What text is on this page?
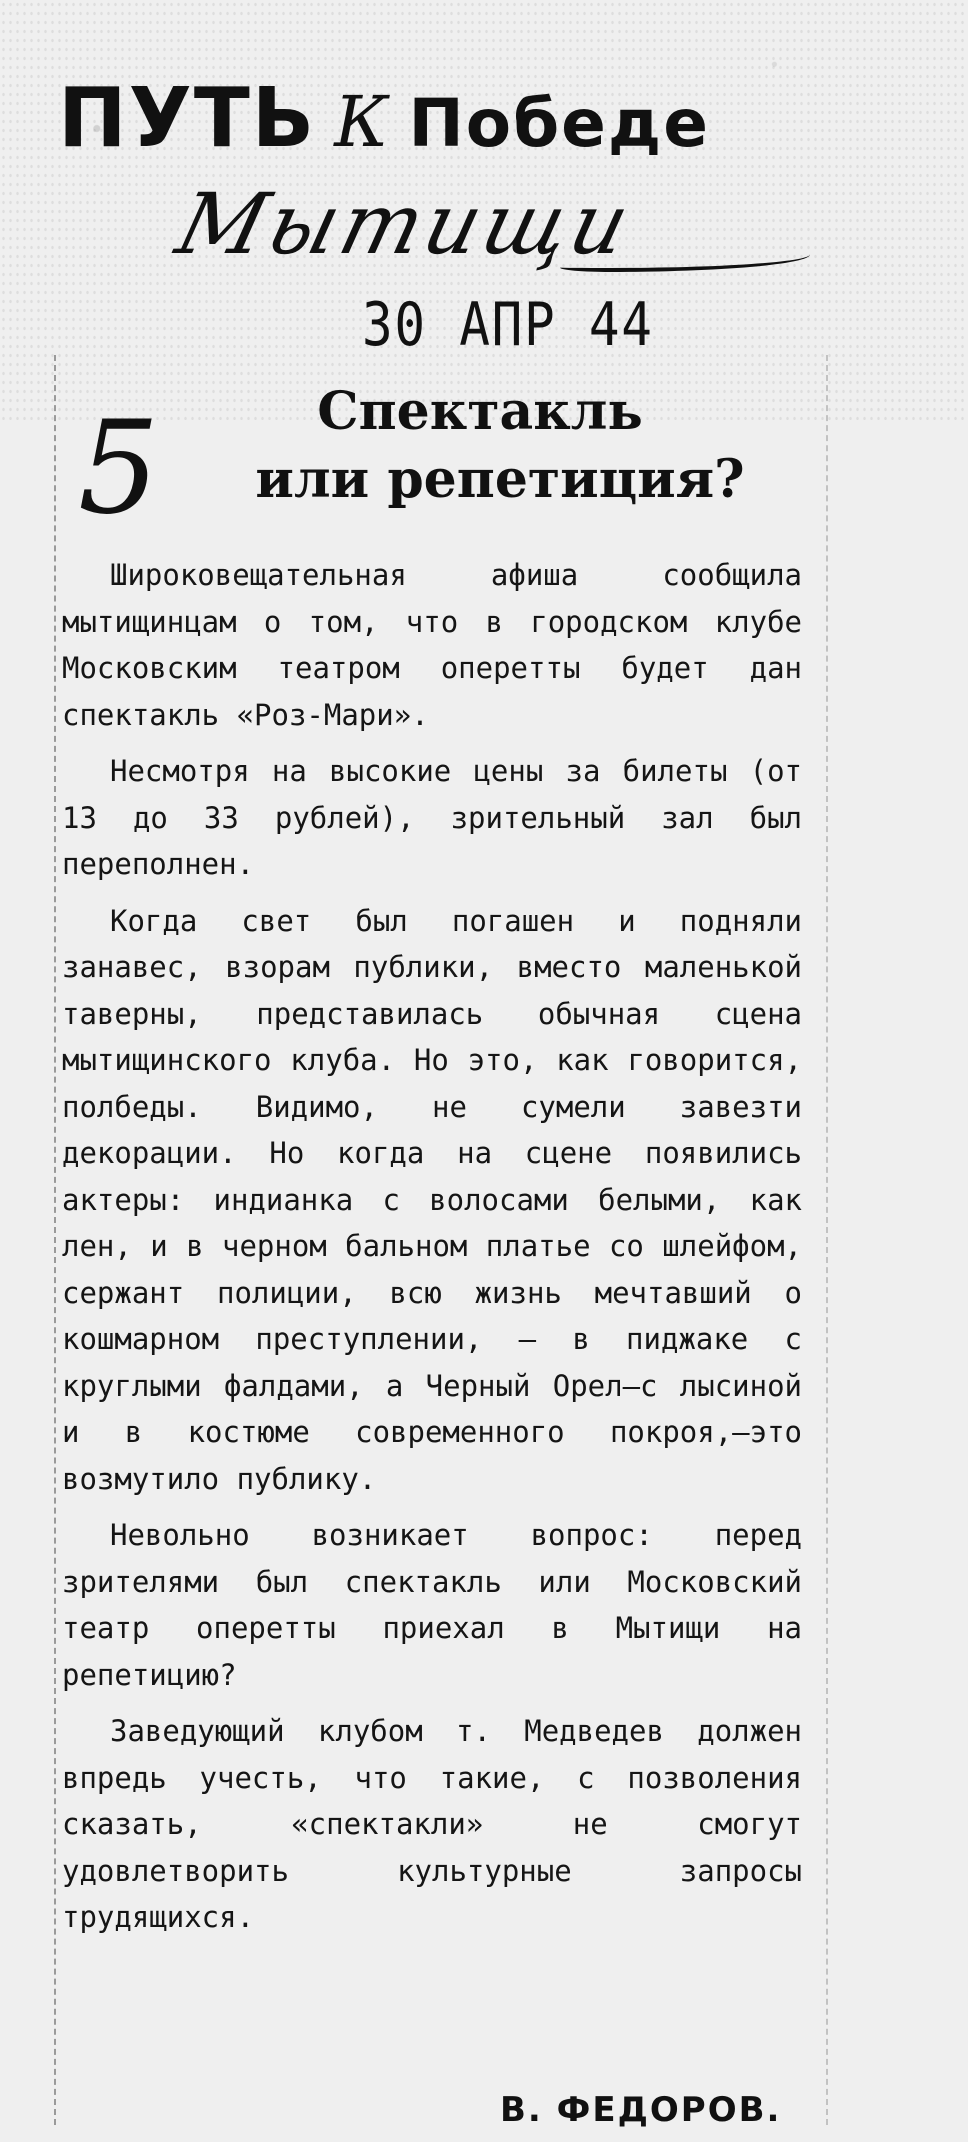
ПУТЬ К Победе

Мытищи

30 АПР 44

5	Спектакль
или репетиция?

Широковещательная афиша сообщила мытищинцам о том, что в городском клубе Московским театром оперетты будет дан спектакль «Роз-Мари».

Несмотря на высокие цены за билеты (от 13 до 33 рублей), зрительный зал был переполнен.

Когда свет был погашен и подняли занавес, взорам публики, вместо маленькой таверны, представилась обычная сцена мытищинского клуба. Но это, как говорится, полбеды. Видимо, не сумели завезти декорации. Но когда на сцене появились актеры: индианка с волосами белыми, как лен, и в черном бальном платье со шлейфом, сержант полиции, всю жизнь мечтавший о кошмарном преступлении, — в пиджаке с круглыми фалдами, а Черный Орел—с лысиной и в костюме современного покроя,—это возмутило публику.

Невольно возникает вопрос: перед зрителями был спектакль или Московский театр оперетты приехал в Мытищи на репетицию?

Заведующий клубом т. Медведев должен впредь учесть, что такие, с позволения сказать, «спектакли» не смогут удовлетворить культурные запросы трудящихся.

В. ФЕДОРОВ.
